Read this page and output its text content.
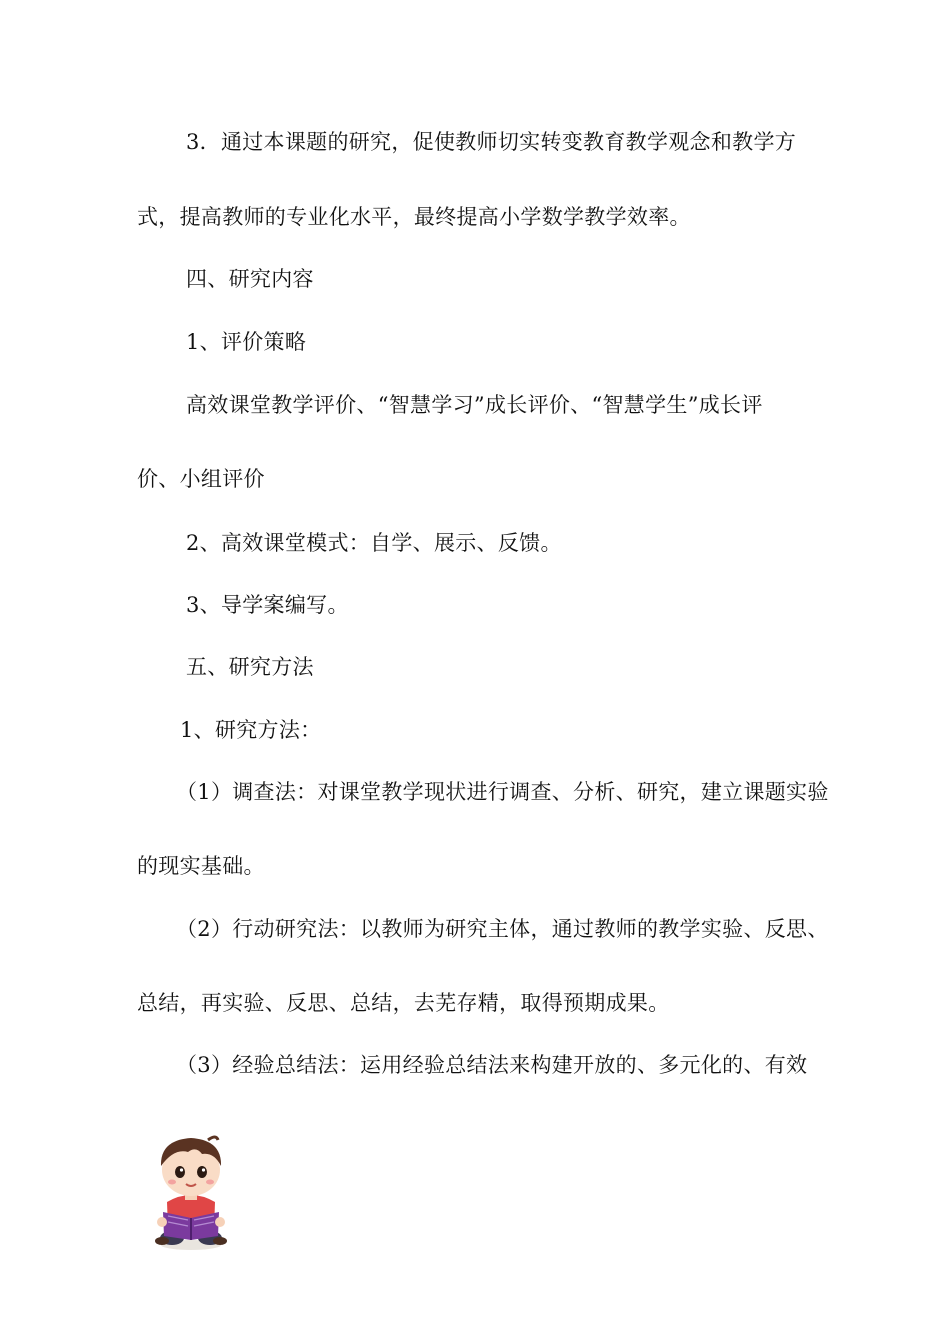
3．通过本课题的研究，促使教师切实转变教育教学观念和教学方
式，提高教师的专业化水平，最终提高小学数学教学效率。
四、研究内容
1、评价策略
高效课堂教学评价、“智慧学习”成长评价、“智慧学生”成长评
价、小组评价
2、高效课堂模式：自学、展示、反馈。
3、导学案编写。
五、研究方法
1、研究方法：
（1）调查法：对课堂教学现状进行调查、分析、研究，建立课题实验
的现实基础。
（2）行动研究法：以教师为研究主体，通过教师的教学实验、反思、
总结，再实验、反思、总结，去芜存精，取得预期成果。
（3）经验总结法：运用经验总结法来构建开放的、多元化的、有效
